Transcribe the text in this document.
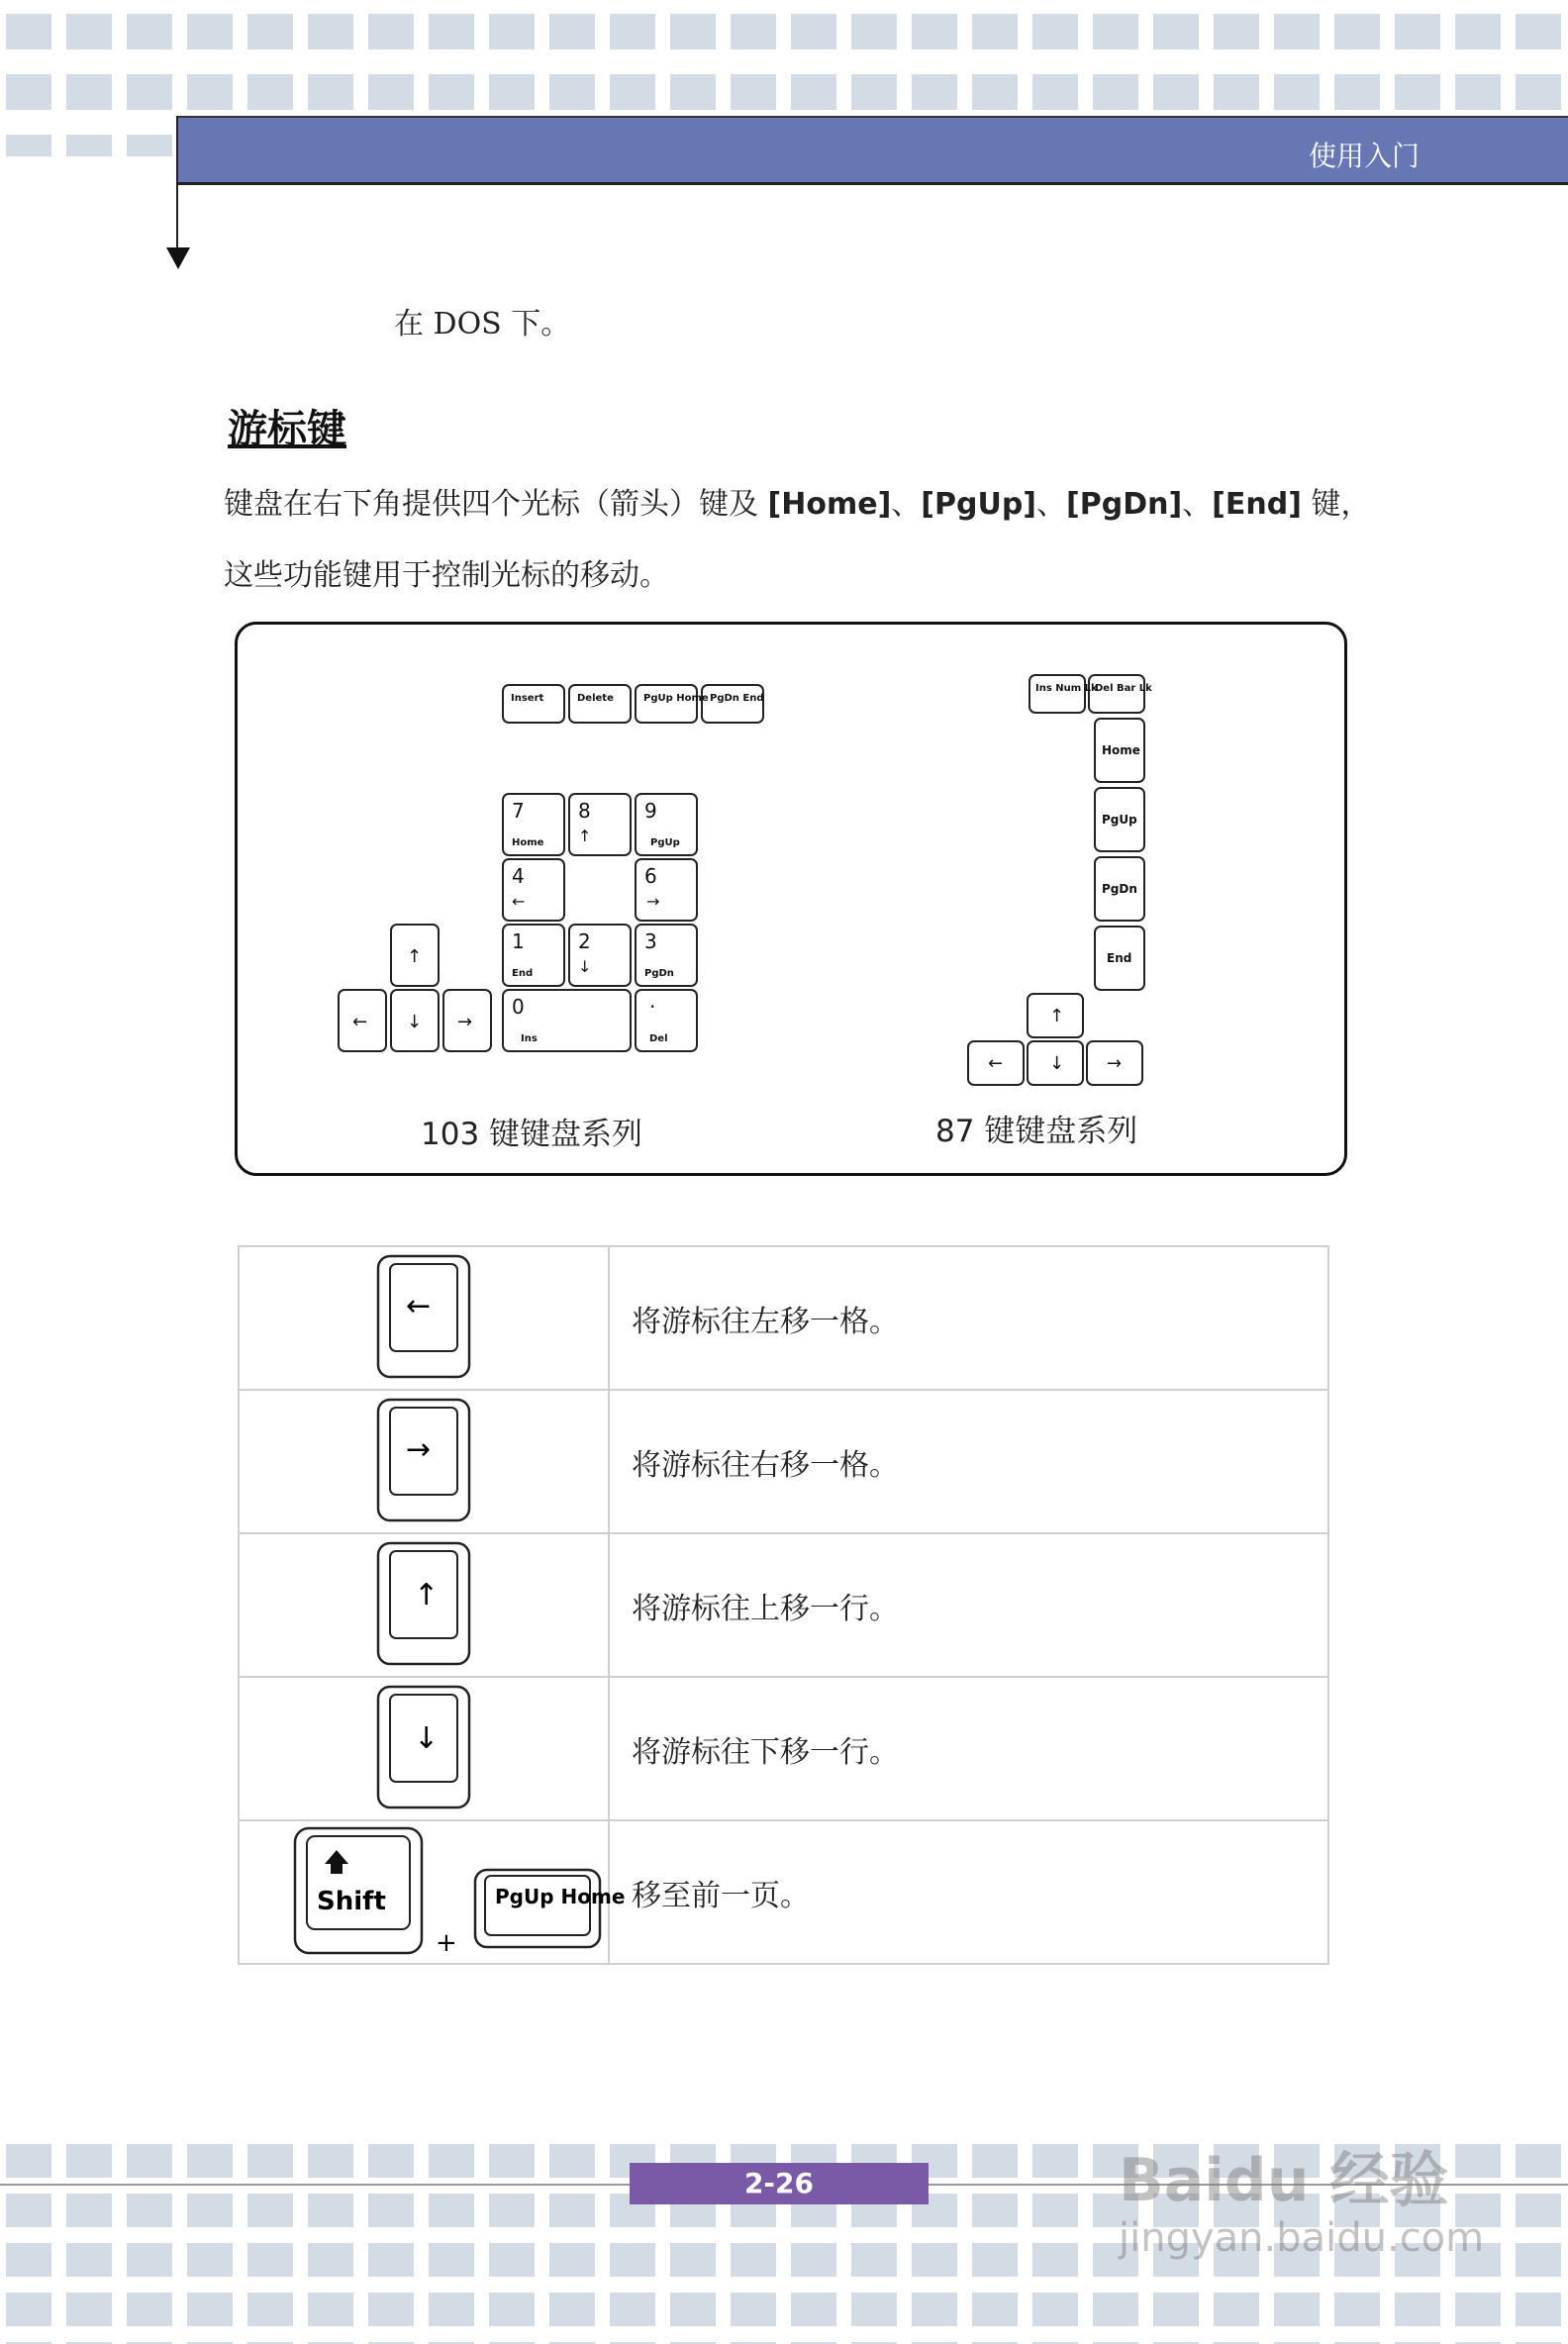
使用入门
在 DOS 下。
游标键
键盘在右下角提供四个光标（箭头）键及 [Home]、[PgUp]、[PgDn]、[End] 键，
这些功能键用于控制光标的移动。
Insert	Delete	PgUp Home PgDn End
7
Home
8
↑
9
PgUp
4
←
6
→
1
End
2
↓
3
PgDn
0
Ins
·
Del
↑
← ↓ →
Ins Num Lk
Del Bar Lk
Home
PgUp
PgDn
End
↑
←	↓ →
103 键键盘系列	87 键键盘系列
←	将游标往左移一格。

→	将游标往右移一格。

↑	将游标往上移一行。

↓	将游标往下移一行。

Shift
+
PgUp Home	移至前一页。
2-26	Baidu 经验
jingyan.baidu.com
